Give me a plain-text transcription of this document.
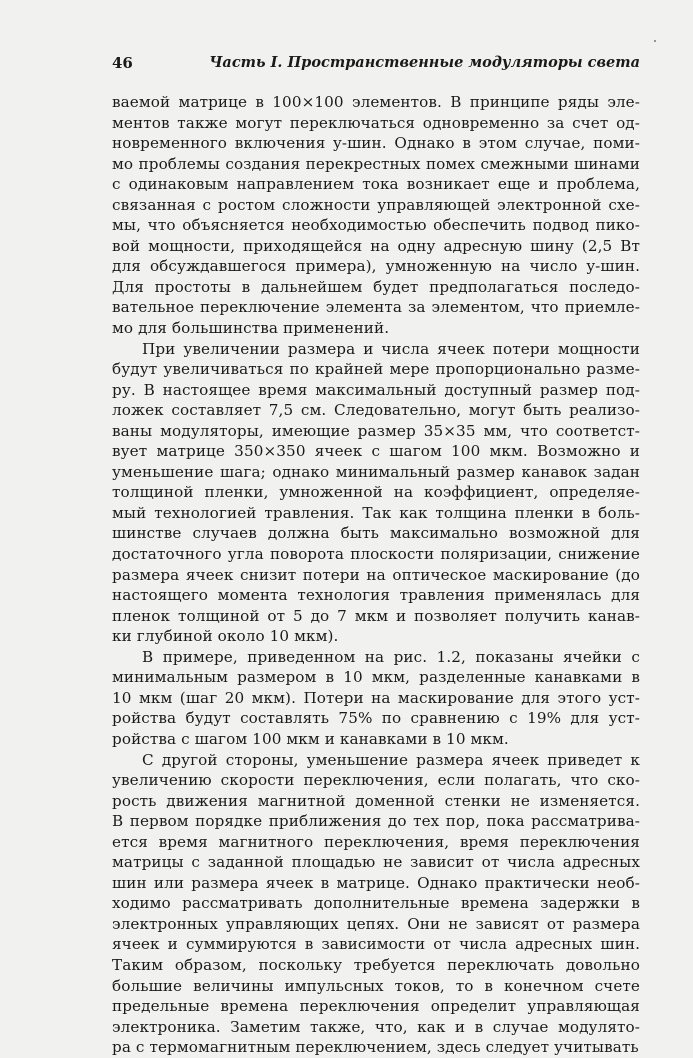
46	Часть I. Пространственные модуляторы света
ваемой матрице в 100×100 элементов. В принципе ряды эле-
ментов также могут переключаться одновременно за счет од-
новременного включения y-шин. Однако в этом случае, поми-
мо проблемы создания перекрестных помех смежными шинами
с одинаковым направлением тока возникает еще и проблема,
связанная с ростом сложности управляющей электронной схе-
мы, что объясняется необходимостью обеспечить подвод пико-
вой мощности, приходящейся на одну адресную шину (2,5 Вт
для обсуждавшегося примера), умноженную на число y-шин.
Для простоты в дальнейшем будет предполагаться последо-
вательное переключение элемента за элементом, что приемле-
мо для большинства применений.
При увеличении размера и числа ячеек потери мощности
будут увеличиваться по крайней мере пропорционально разме-
ру. В настоящее время максимальный доступный размер под-
ложек составляет 7,5 см. Следовательно, могут быть реализо-
ваны модуляторы, имеющие размер 35×35 мм, что соответст-
вует матрице 350×350 ячеек с шагом 100 мкм. Возможно и
уменьшение шага; однако минимальный размер канавок задан
толщиной пленки, умноженной на коэффициент, определяе-
мый технологией травления. Так как толщина пленки в боль-
шинстве случаев должна быть максимально возможной для
достаточного угла поворота плоскости поляризации, снижение
размера ячеек снизит потери на оптическое маскирование (до
настоящего момента технология травления применялась для
пленок толщиной от 5 до 7 мкм и позволяет получить канав-
ки глубиной около 10 мкм).
В примере, приведенном на рис. 1.2, показаны ячейки с
минимальным размером в 10 мкм, разделенные канавками в
10 мкм (шаг 20 мкм). Потери на маскирование для этого уст-
ройства будут составлять 75% по сравнению с 19% для уст-
ройства с шагом 100 мкм и канавками в 10 мкм.
С другой стороны, уменьшение размера ячеек приведет к
увеличению скорости переключения, если полагать, что ско-
рость движения магнитной доменной стенки не изменяется.
В первом порядке приближения до тех пор, пока рассматрива-
ется время магнитного переключения, время переключения
матрицы с заданной площадью не зависит от числа адресных
шин или размера ячеек в матрице. Однако практически необ-
ходимо рассматривать дополнительные времена задержки в
электронных управляющих цепях. Они не зависят от размера
ячеек и суммируются в зависимости от числа адресных шин.
Таким образом, поскольку требуется переключать довольно
большие величины импульсных токов, то в конечном счете
предельные времена переключения определит управляющая
электроника. Заметим также, что, как и в случае модулято-
ра с термомагнитным переключением, здесь следует учитывать
